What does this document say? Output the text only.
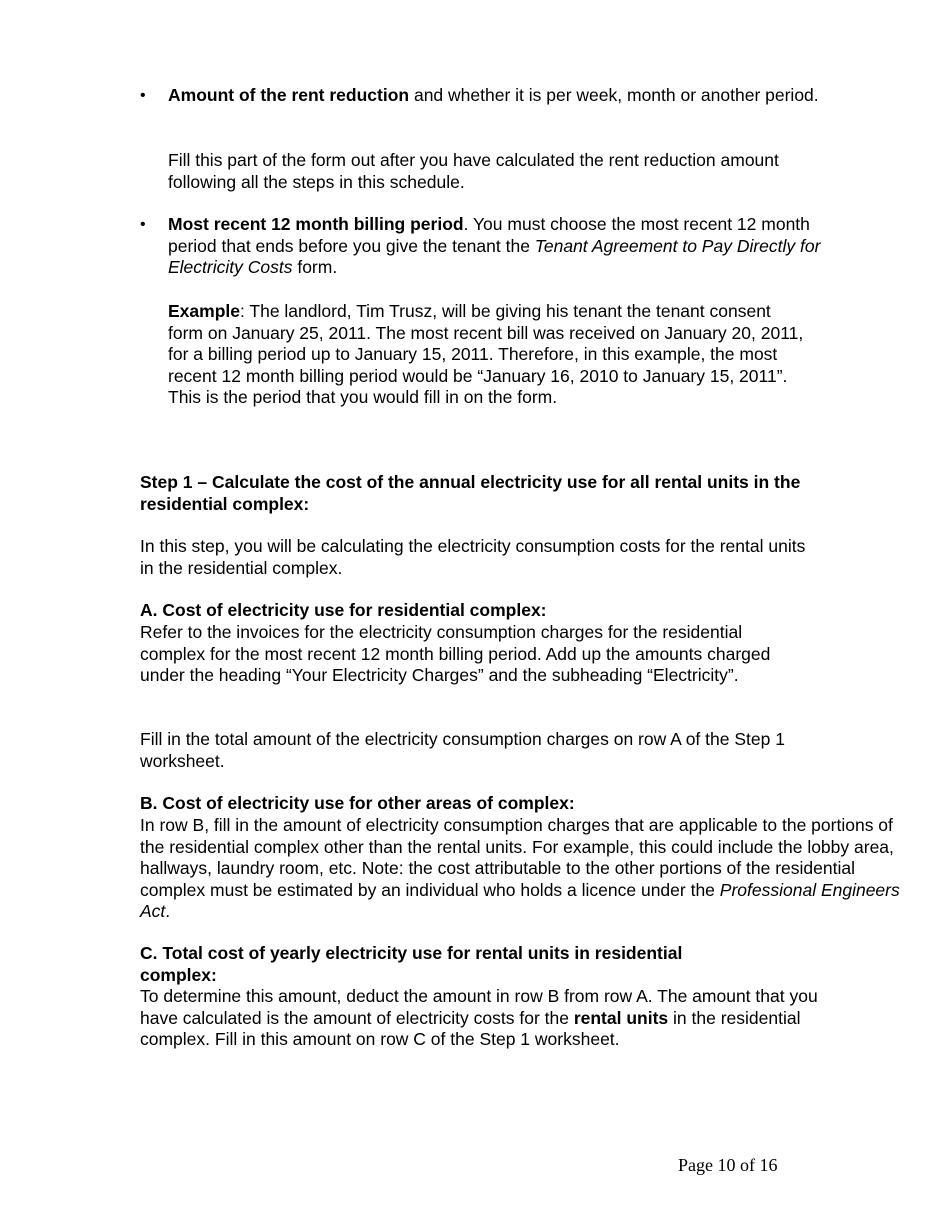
•	Amount of the rent reduction and whether it is per week, month or another period.

Fill this part of the form out after you have calculated the rent reduction amount following all the steps in this schedule.

•	Most recent 12 month billing period. You must choose the most recent 12 month period that ends before you give the tenant the Tenant Agreement to Pay Directly for Electricity Costs form.

Example: The landlord, Tim Trusz, will be giving his tenant the tenant consent form on January 25, 2011. The most recent bill was received on January 20, 2011, for a billing period up to January 15, 2011. Therefore, in this example, the most recent 12 month billing period would be “January 16, 2010 to January 15, 2011”. This is the period that you would fill in on the form.

Step 1 – Calculate the cost of the annual electricity use for all rental units in the residential complex:

In this step, you will be calculating the electricity consumption costs for the rental units in the residential complex.

A. Cost of electricity use for residential complex:

Refer to the invoices for the electricity consumption charges for the residential complex for the most recent 12 month billing period. Add up the amounts charged under the heading “Your Electricity Charges” and the subheading “Electricity”.

Fill in the total amount of the electricity consumption charges on row A of the Step 1 worksheet.

B. Cost of electricity use for other areas of complex:

In row B, fill in the amount of electricity consumption charges that are applicable to the portions of the residential complex other than the rental units. For example, this could include the lobby area, hallways, laundry room, etc. Note: the cost attributable to the other portions of the residential complex must be estimated by an individual who holds a licence under the Professional Engineers Act.

C. Total cost of yearly electricity use for rental units in residential complex:

To determine this amount, deduct the amount in row B from row A. The amount that you have calculated is the amount of electricity costs for the rental units in the residential complex. Fill in this amount on row C of the Step 1 worksheet.

Page 10 of 16
